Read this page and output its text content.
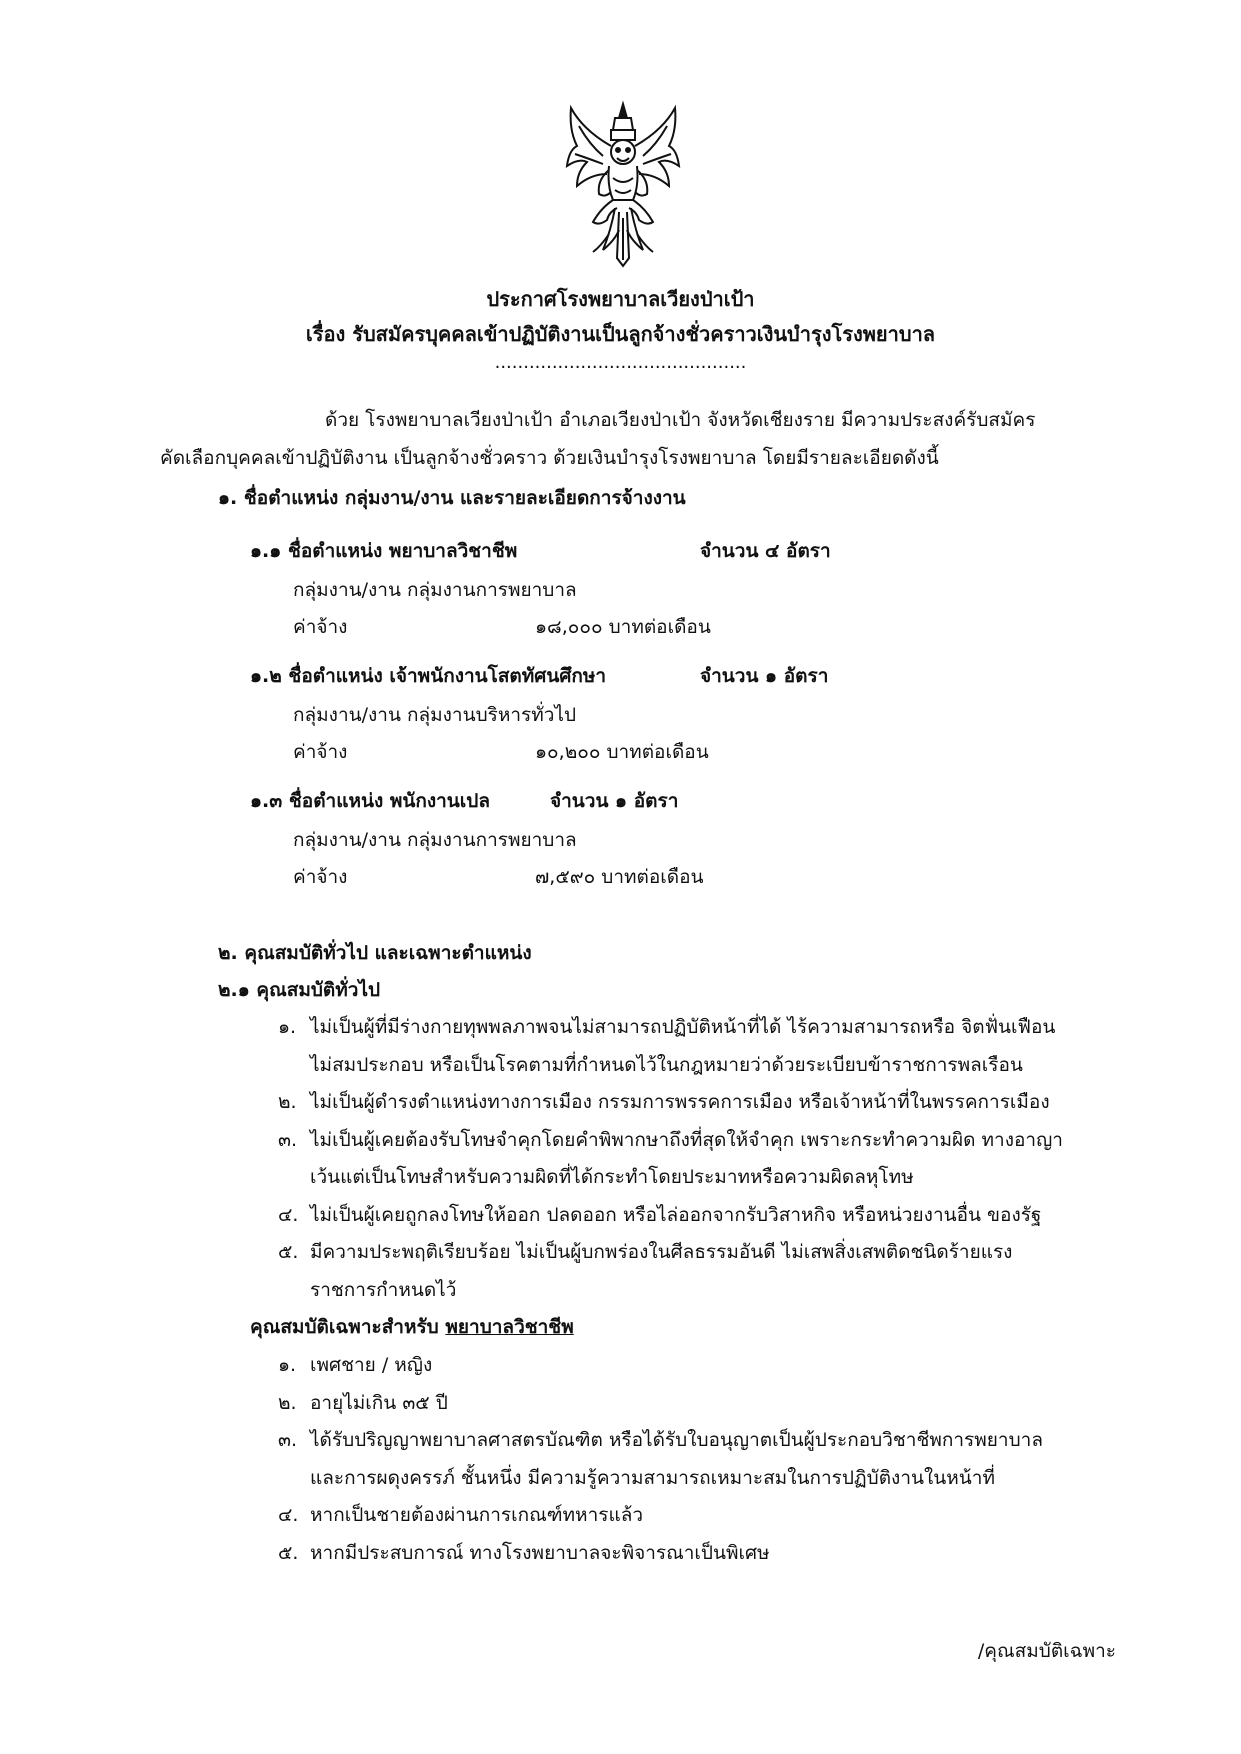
ประกาศโรงพยาบาลเวียงป่าเป้า
เรื่อง รับสมัครบุคคลเข้าปฏิบัติงานเป็นลูกจ้างชั่วคราวเงินบำรุงโรงพยาบาล
............................................
ด้วย โรงพยาบาลเวียงป่าเป้า อำเภอเวียงป่าเป้า จังหวัดเชียงราย มีความประสงค์รับสมัคร
คัดเลือกบุคคลเข้าปฏิบัติงาน เป็นลูกจ้างชั่วคราว ด้วยเงินบำรุงโรงพยาบาล โดยมีรายละเอียดดังนี้
๑. ชื่อตำแหน่ง กลุ่มงาน/งาน และรายละเอียดการจ้างงาน
๑.๑ ชื่อตำแหน่ง พยาบาลวิชาชีพ	จำนวน ๔ อัตรา
กลุ่มงาน/งาน กลุ่มงานการพยาบาล
ค่าจ้าง	๑๘,๐๐๐ บาทต่อเดือน
๑.๒ ชื่อตำแหน่ง เจ้าพนักงานโสตทัศนศึกษา	จำนวน ๑ อัตรา
กลุ่มงาน/งาน กลุ่มงานบริหารทั่วไป
ค่าจ้าง	๑๐,๒๐๐ บาทต่อเดือน
๑.๓ ชื่อตำแหน่ง พนักงานเปล	จำนวน ๑ อัตรา
กลุ่มงาน/งาน กลุ่มงานการพยาบาล
ค่าจ้าง	๗,๕๙๐ บาทต่อเดือน
๒. คุณสมบัติทั่วไป และเฉพาะตำแหน่ง
๒.๑ คุณสมบัติทั่วไป
๑. ไม่เป็นผู้ที่มีร่างกายทุพพลภาพจนไม่สามารถปฏิบัติหน้าที่ได้ ไร้ความสามารถหรือ จิตฟั่นเฟือน
ไม่สมประกอบ หรือเป็นโรคตามที่กำหนดไว้ในกฎหมายว่าด้วยระเบียบข้าราชการพลเรือน
๒. ไม่เป็นผู้ดำรงตำแหน่งทางการเมือง กรรมการพรรคการเมือง หรือเจ้าหน้าที่ในพรรคการเมือง
๓. ไม่เป็นผู้เคยต้องรับโทษจำคุกโดยคำพิพากษาถึงที่สุดให้จำคุก เพราะกระทำความผิด ทางอาญา
เว้นแต่เป็นโทษสำหรับความผิดที่ได้กระทำโดยประมาทหรือความผิดลหุโทษ
๔. ไม่เป็นผู้เคยถูกลงโทษให้ออก ปลดออก หรือไล่ออกจากรับวิสาหกิจ หรือหน่วยงานอื่น ของรัฐ
๕. มีความประพฤติเรียบร้อย ไม่เป็นผู้บกพร่องในศีลธรรมอันดี ไม่เสพสิ่งเสพติดชนิดร้ายแรง
ราชการกำหนดไว้
คุณสมบัติเฉพาะสำหรับ พยาบาลวิชาชีพ
๑. เพศชาย / หญิง
๒. อายุไม่เกิน ๓๕ ปี
๓. ได้รับปริญญาพยาบาลศาสตรบัณฑิต หรือได้รับใบอนุญาตเป็นผู้ประกอบวิชาชีพการพยาบาล
และการผดุงครรภ์ ชั้นหนึ่ง มีความรู้ความสามารถเหมาะสมในการปฏิบัติงานในหน้าที่
๔. หากเป็นชายต้องผ่านการเกณฑ์ทหารแล้ว
๕. หากมีประสบการณ์ ทางโรงพยาบาลจะพิจารณาเป็นพิเศษ
/คุณสมบัติเฉพาะ
